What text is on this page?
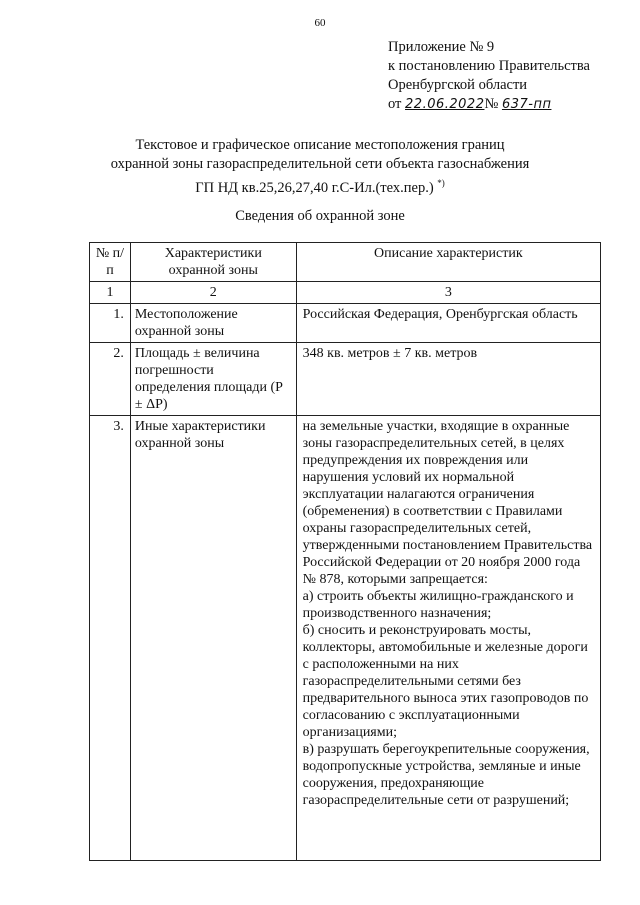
60
Приложение № 9
к постановлению Правительства
Оренбургской области
от 22.06.2022№ 637-пп
Текстовое и графическое описание местоположения границ
охранной зоны газораспределительной сети объекта газоснабжения
ГП НД кв.25,26,27,40 г.С-Ил.(тех.пер.) *)
Сведения об охранной зоне
№ п/п	Характеристики охранной зоны	Описание характеристик
1	2	3
1.	Местоположение охранной зоны	Российская Федерация, Оренбургская область
2.	Площадь ± величина погрешности определения площади (P ± ΔP)	348 кв. метров ± 7 кв. метров
3.	Иные характеристики охранной зоны	на земельные участки, входящие в охранные зоны газораспределительных сетей, в целях предупреждения их повреждения или нарушения условий их нормальной эксплуатации налагаются ограничения (обременения) в соответствии с Правилами охраны газораспределительных сетей, утвержденными постановлением Правительства Российской Федерации от 20 ноября 2000 года № 878, которыми запрещается:
а) строить объекты жилищно-гражданского и производственного назначения;
б) сносить и реконструировать мосты, коллекторы, автомобильные и железные дороги с расположенными на них газораспределительными сетями без предварительного выноса этих газопроводов по согласованию с эксплуатационными организациями;
в) разрушать берегоукрепительные сооружения, водопропускные устройства, земляные и иные сооружения, предохраняющие газораспределительные сети от разрушений;
